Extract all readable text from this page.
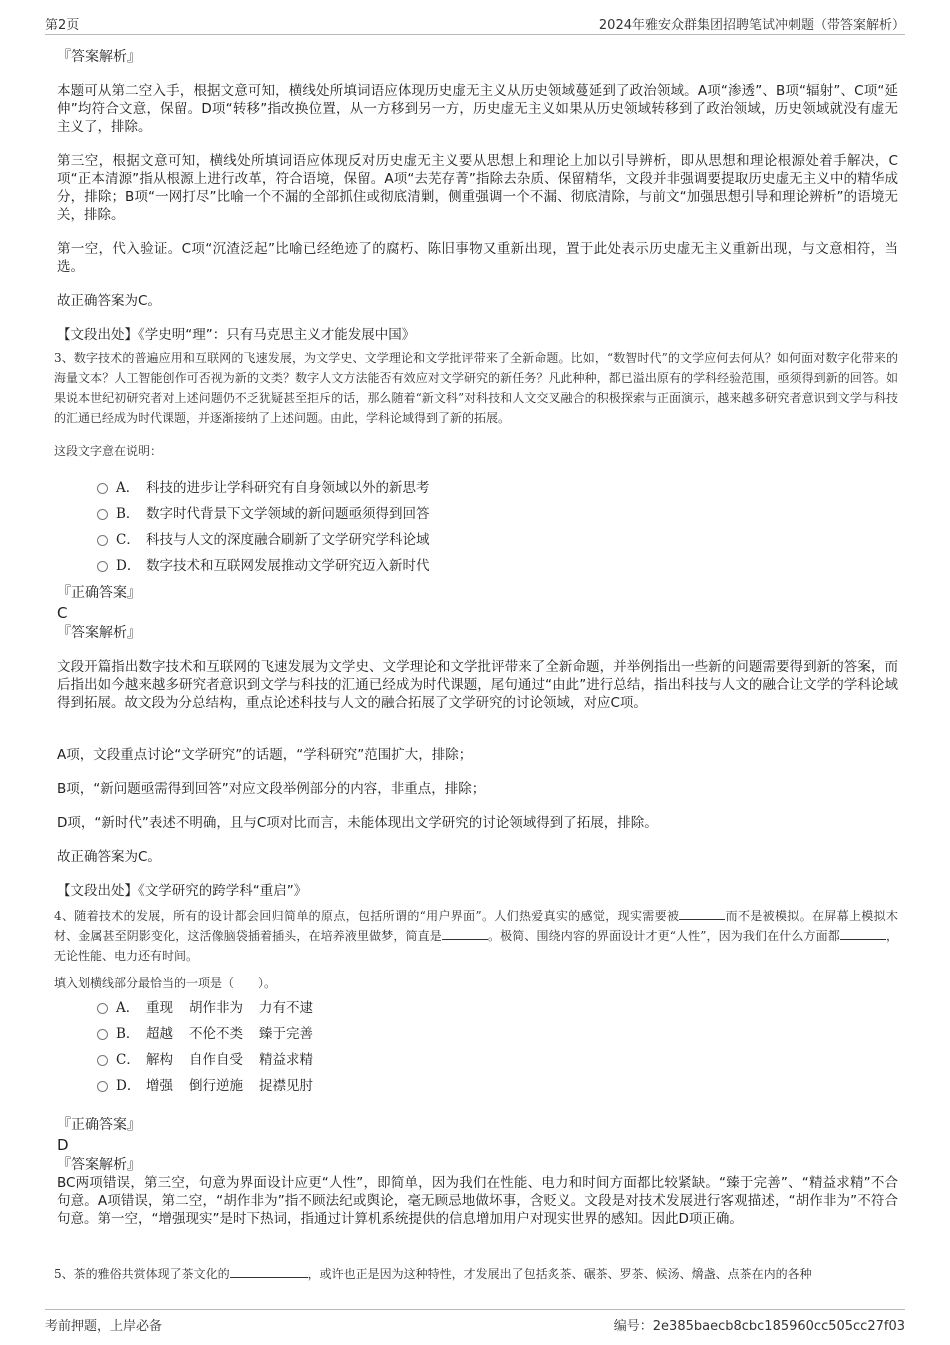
第2页	2024年雅安众群集团招聘笔试冲刺题（带答案解析）
『答案解析』
本题可从第二空入手，根据文意可知，横线处所填词语应体现历史虚无主义从历史领域蔓延到了政治领域。A项“渗透”、B项“辐射”、C项“延伸”均符合文意，保留。D项“转移”指改换位置，从一方移到另一方，历史虚无主义如果从历史领域转移到了政治领域，历史领域就没有虚无主义了，排除。
第三空，根据文意可知，横线处所填词语应体现反对历史虚无主义要从思想上和理论上加以引导辨析，即从思想和理论根源处着手解决，C项“正本清源”指从根源上进行改革，符合语境，保留。A项“去芜存菁”指除去杂质、保留精华，文段并非强调要提取历史虚无主义中的精华成分，排除；B项“一网打尽”比喻一个不漏的全部抓住或彻底清剿，侧重强调一个不漏、彻底清除，与前文“加强思想引导和理论辨析”的语境无关，排除。
第一空，代入验证。C项“沉渣泛起”比喻已经绝迹了的腐朽、陈旧事物又重新出现，置于此处表示历史虚无主义重新出现，与文意相符，当选。
故正确答案为C。
【文段出处】《学史明“理”：只有马克思主义才能发展中国》
3、数字技术的普遍应用和互联网的飞速发展，为文学史、文学理论和文学批评带来了全新命题。比如，“数智时代”的文学应何去何从？如何面对数字化带来的海量文本？人工智能创作可否视为新的文类？数字人文方法能否有效应对文学研究的新任务？凡此种种，都已溢出原有的学科经验范围，亟须得到新的回答。如果说本世纪初研究者对上述问题仍不乏犹疑甚至拒斥的话，那么随着“新文科”对科技和人文交叉融合的积极探索与正面演示，越来越多研究者意识到文学与科技的汇通已经成为时代课题，并逐渐接纳了上述问题。由此，学科论域得到了新的拓展。
这段文字意在说明：
A． 科技的进步让学科研究有自身领域以外的新思考
B． 数字时代背景下文学领域的新问题亟须得到回答
C． 科技与人文的深度融合刷新了文学研究学科论域
D． 数字技术和互联网发展推动文学研究迈入新时代
『正确答案』
C
『答案解析』
文段开篇指出数字技术和互联网的飞速发展为文学史、文学理论和文学批评带来了全新命题，并举例指出一些新的问题需要得到新的答案，而后指出如今越来越多研究者意识到文学与科技的汇通已经成为时代课题，尾句通过“由此”进行总结，指出科技与人文的融合让文学的学科论域得到拓展。故文段为分总结构，重点论述科技与人文的融合拓展了文学研究的讨论领域，对应C项。
A项，文段重点讨论“文学研究”的话题，“学科研究”范围扩大，排除；
B项，“新问题亟需得到回答”对应文段举例部分的内容，非重点，排除；
D项，“新时代”表述不明确，且与C项对比而言，未能体现出文学研究的讨论领域得到了拓展，排除。
故正确答案为C。
【文段出处】《文学研究的跨学科“重启”》
4、随着技术的发展，所有的设计都会回归简单的原点，包括所谓的“用户界面”。人们热爱真实的感觉，现实需要被	而不是被模拟。在屏幕上模拟木材、金属甚至阴影变化，这活像脑袋插着插头，在培养液里做梦，简直是	。极简、围绕内容的界面设计才更“人性”，因为我们在什么方面都	，无论性能、电力还有时间。
填入划横线部分最恰当的一项是（　　）。
A． 重现 胡作非为 力有不逮
B． 超越 不伦不类 臻于完善
C． 解构 自作自受 精益求精
D． 增强 倒行逆施 捉襟见肘
『正确答案』
D
『答案解析』
BC两项错误，第三空，句意为界面设计应更“人性”，即简单，因为我们在性能、电力和时间方面都比较紧缺。“臻于完善”、“精益求精”不合句意。A项错误，第二空，“胡作非为”指不顾法纪或舆论，毫无顾忌地做坏事，含贬义。文段是对技术发展进行客观描述，“胡作非为”不符合句意。第一空，“增强现实”是时下热词，指通过计算机系统提供的信息增加用户对现实世界的感知。因此D项正确。
5、茶的雅俗共赏体现了茶文化的	，或许也正是因为这种特性，才发展出了包括炙茶、碾茶、罗茶、候汤、熁盏、点茶在内的各种
考前押题，上岸必备	编号：2e385baecb8cbc185960cc505cc27f03
